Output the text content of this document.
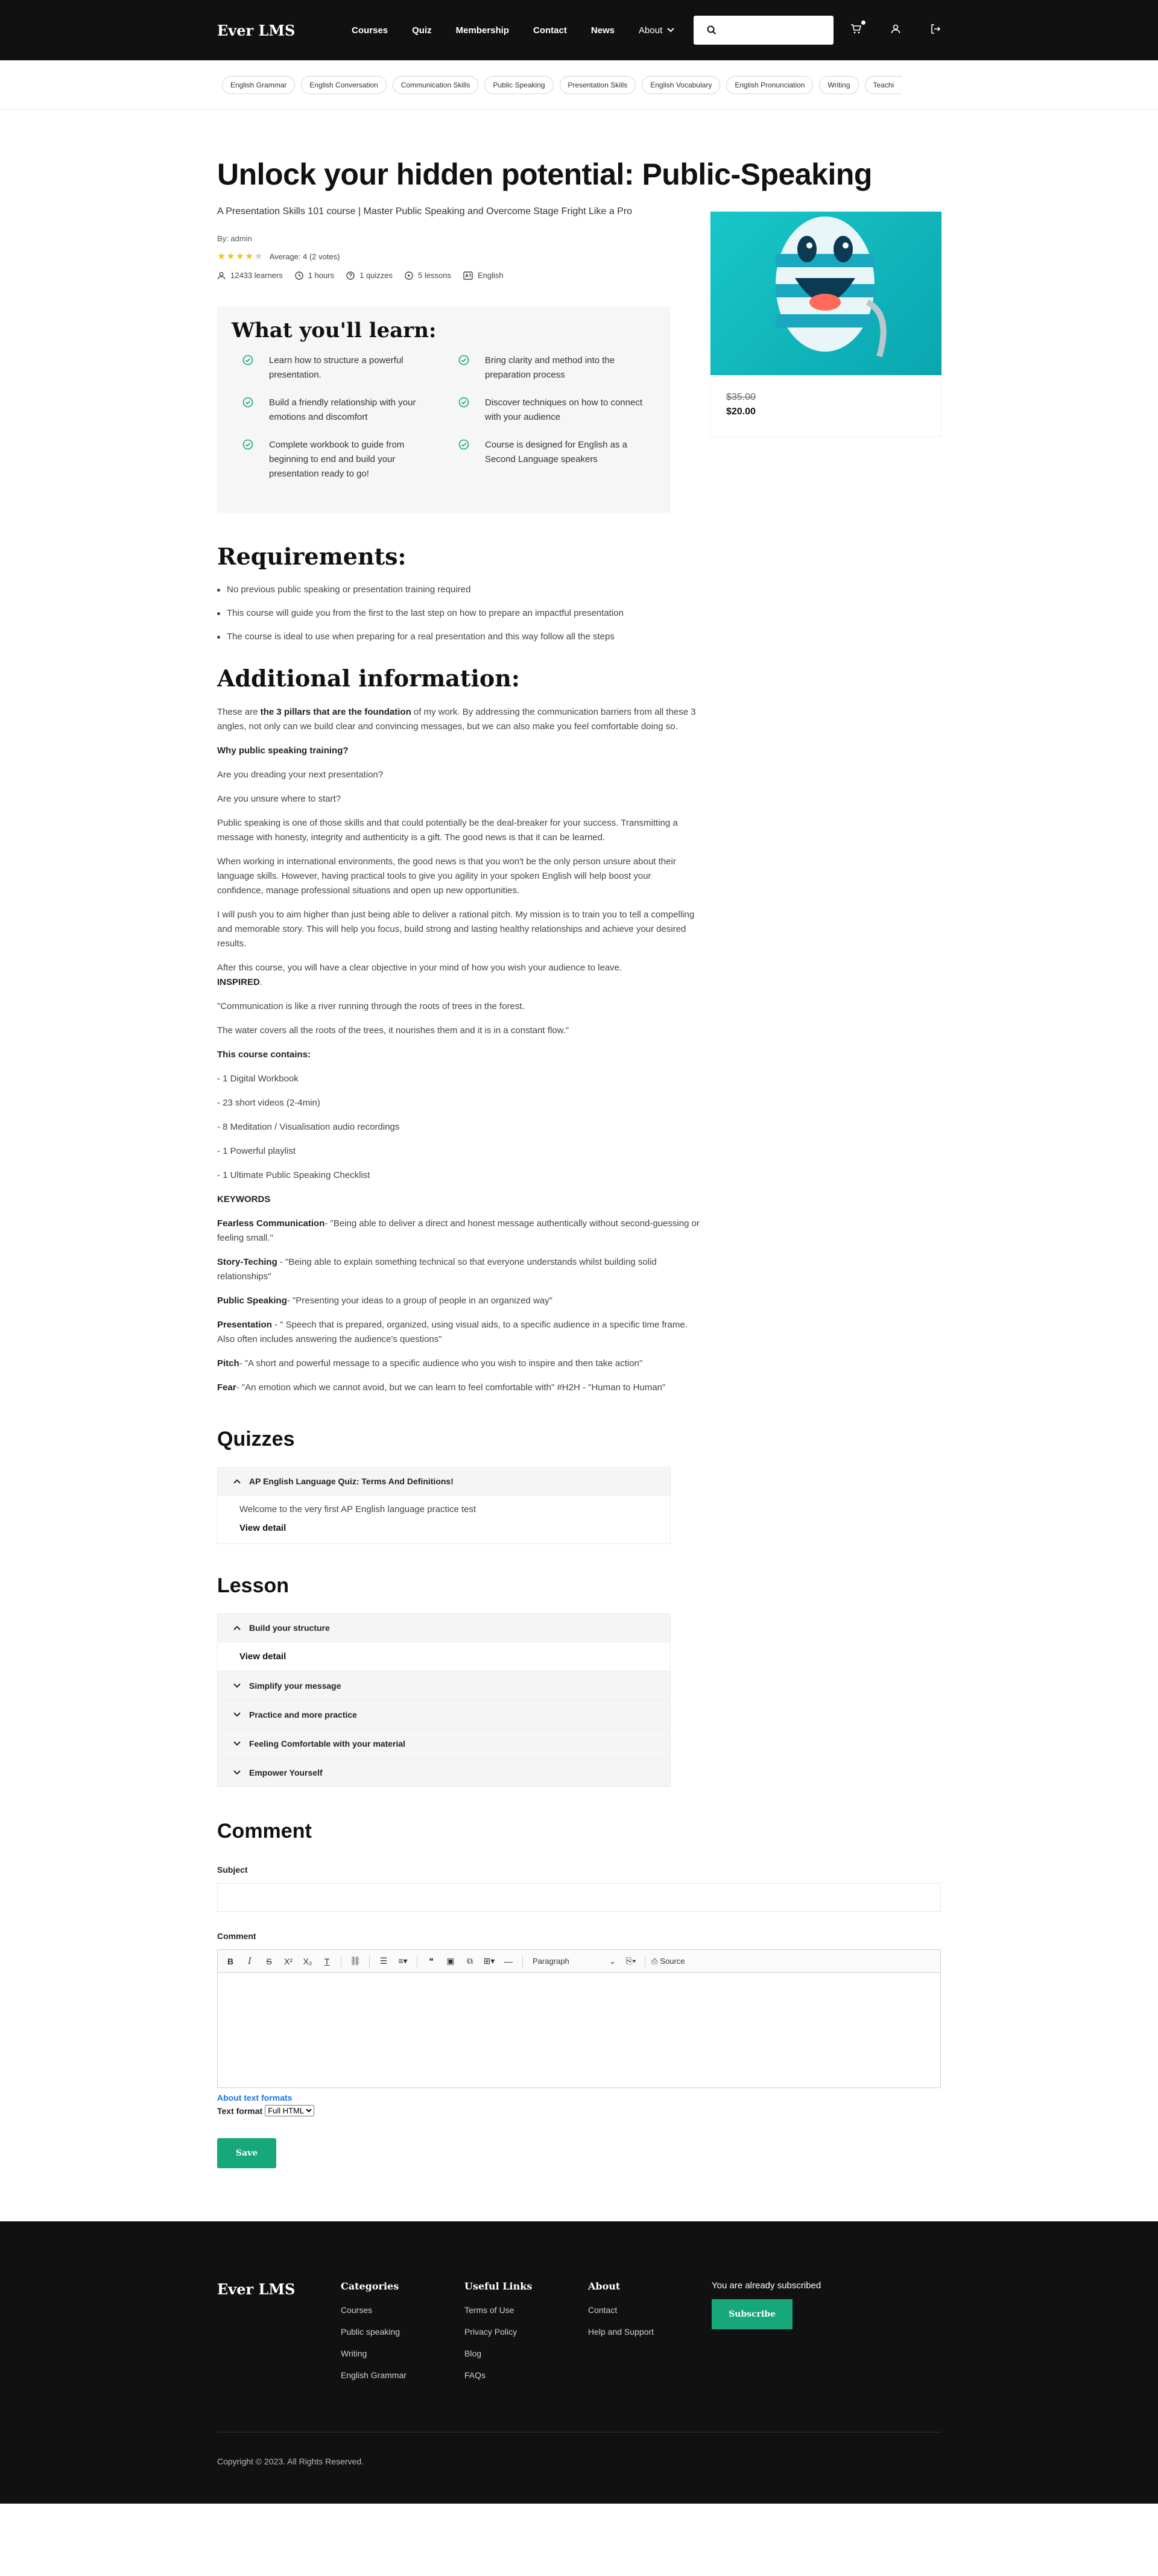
Ever LMS	Courses	Quiz	Membership	Contact	News	About
English Grammar	English Conversation	Communication Skills	Public Speaking	Presentation Skills	English Vocabulary	English Pronunciation	Writing	Teachi
Unlock your hidden potential: Public-Speaking
A Presentation Skills 101 course | Master Public Speaking and Overcome Stage Fright Like a Pro
By: admin
★★★★★ Average: 4 (2 votes)
12433 learners	1 hours	1 quizzes	5 lessons	English
What you'll learn:
Learn how to structure a powerful presentation.
Bring clarity and method into the preparation process
Build a friendly relationship with your emotions and discomfort
Discover techniques on how to connect with your audience
Complete workbook to guide from beginning to end and build your presentation ready to go!
Course is designed for English as a Second Language speakers
$35.00
$20.00
Requirements:
No previous public speaking or presentation training required
This course will guide you from the first to the last step on how to prepare an impactful presentation
The course is ideal to use when preparing for a real presentation and this way follow all the steps
Additional information:

These are the 3 pillars that are the foundation of my work. By addressing the communication barriers from all these 3 angles, not only can we build clear and convincing messages, but we can also make you feel comfortable doing so.

Why public speaking training?

Are you dreading your next presentation?

Are you unsure where to start?

Public speaking is one of those skills and that could potentially be the deal-breaker for your success. Transmitting a message with honesty, integrity and authenticity is a gift. The good news is that it can be learned.

When working in international environments, the good news is that you won't be the only person unsure about their language skills. However, having practical tools to give you agility in your spoken English will help boost your confidence, manage professional situations and open up new opportunities.

I will push you to aim higher than just being able to deliver a rational pitch. My mission is to train you to tell a compelling and memorable story. This will help you focus, build strong and lasting healthy relationships and achieve your desired results.

After this course, you will have a clear objective in your mind of how you wish your audience to leave.
INSPIRED.

"Communication is like a river running through the roots of trees in the forest.

The water covers all the roots of the trees, it nourishes them and it is in a constant flow."

This course contains:

- 1 Digital Workbook

- 23 short videos (2-4min)

- 8 Meditation / Visualisation audio recordings

- 1 Powerful playlist

- 1 Ultimate Public Speaking Checklist

KEYWORDS

Fearless Communication- "Being able to deliver a direct and honest message authentically without second-guessing or feeling small."

Story-Teching - "Being able to explain something technical so that everyone understands whilst building solid relationships"

Public Speaking- "Presenting your ideas to a group of people in an organized way"

Presentation - " Speech that is prepared, organized, using visual aids, to a specific audience in a specific time frame. Also often includes answering the audience's questions"

Pitch- "A short and powerful message to a specific audience who you wish to inspire and then take action"

Fear- "An emotion which we cannot avoid, but we can learn to feel comfortable with" #H2H - "Human to Human"

Quizzes
AP English Language Quiz: Terms And Definitions!
Welcome to the very first AP English language practice test
View detail
Lesson
Build your structure
View detail
Simplify your message
Practice and more practice
Feeling Comfortable with your material
Empower Yourself
Comment
Subject
Comment
B I S	X²	X₂	T ⛓	☰	≡▾	❝	▣	⧉	⊞▾	—	Paragraph	⌄	⎘▾	⎙ Source
About text formats
Text format
Full HTML
Save
Ever LMS	Categories
Courses
Public speaking
Writing
English Grammar
Useful Links
Terms of Use
Privacy Policy
Blog
FAQs
About
Contact
Help and Support
You are already subscribed
Subscribe
Copyright © 2023. All Rights Reserved.
